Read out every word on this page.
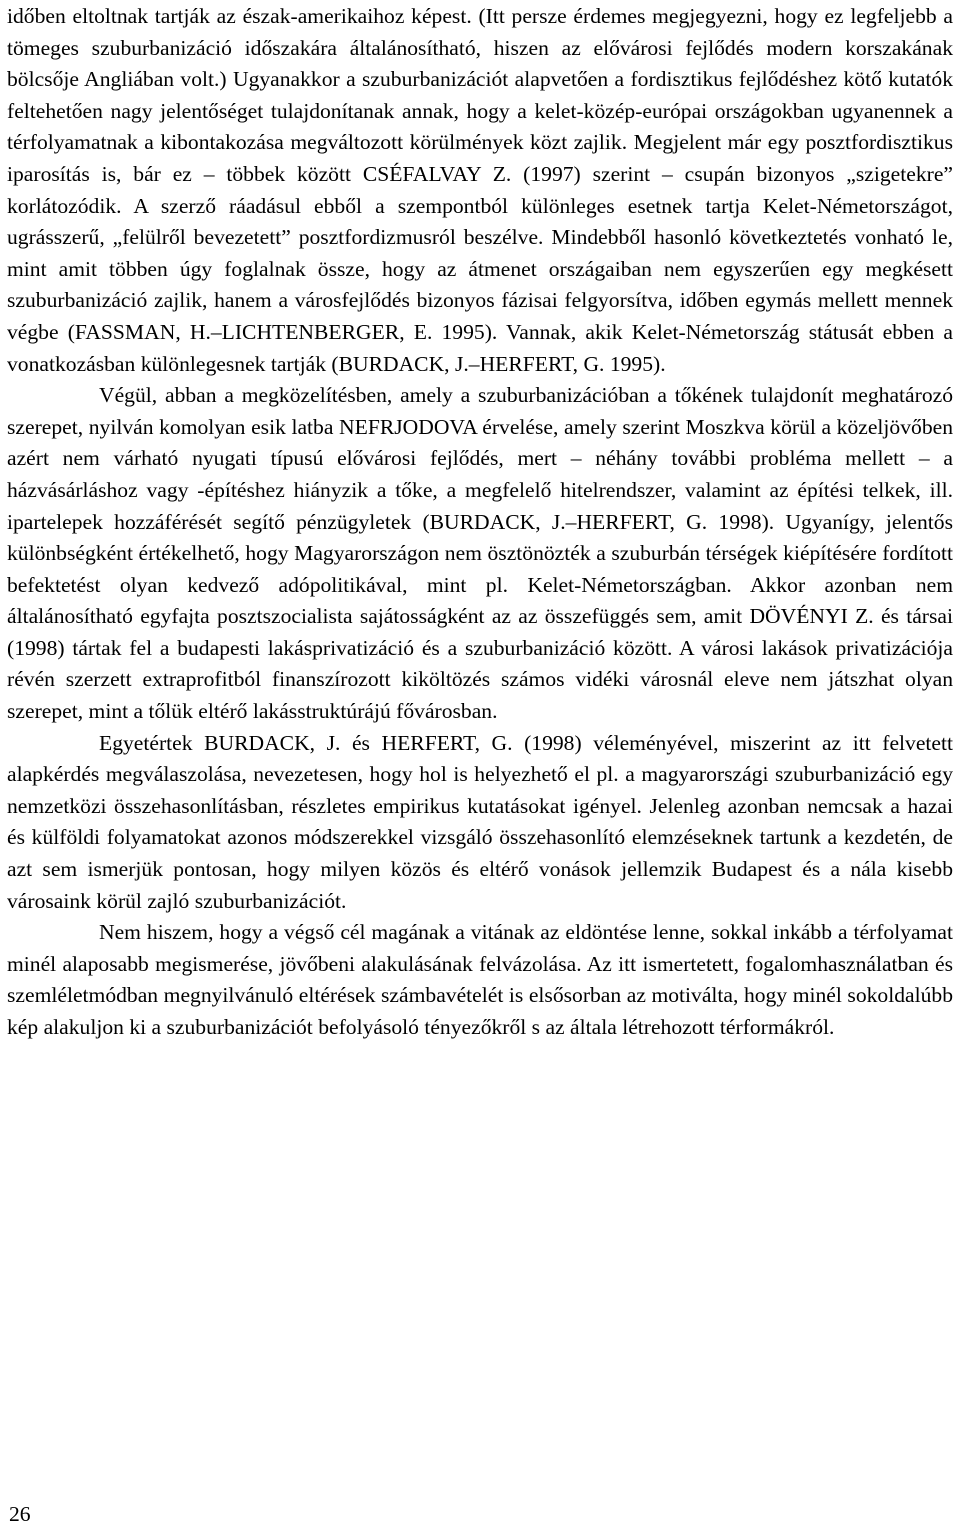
időben eltoltnak tartják az észak-amerikaihoz képest. (Itt persze érdemes megjegyezni, hogy ez legfeljebb a tömeges szuburbanizáció időszakára általánosítható, hiszen az elővárosi fejlődés modern korszakának bölcsője Angliában volt.) Ugyanakkor a szuburbanizációt alapvetően a fordisztikus fejlődéshez kötő kutatók feltehetően nagy jelentőséget tulajdonítanak annak, hogy a kelet-közép-európai országokban ugyanennek a térfolyamatnak a kibontakozása megváltozott körülmények közt zajlik. Megjelent már egy posztfordisztikus iparosítás is, bár ez – többek között CSÉFALVAY Z. (1997) szerint – csupán bizonyos „szigetekre” korlátozódik. A szerző ráadásul ebből a szempontból különleges esetnek tartja Kelet-Németországot, ugrásszerű, „felülről bevezetett” posztfordizmusról beszélve. Mindebből hasonló következtetés vonható le, mint amit többen úgy foglalnak össze, hogy az átmenet országaiban nem egyszerűen egy megkésett szuburbanizáció zajlik, hanem a városfejlődés bizonyos fázisai felgyorsítva, időben egymás mellett mennek végbe (FASSMAN, H.–LICHTENBERGER, E. 1995). Vannak, akik Kelet-Németország státusát ebben a vonatkozásban különlegesnek tartják (BURDACK, J.–HERFERT, G. 1995).

Végül, abban a megközelítésben, amely a szuburbanizációban a tőkének tulajdonít meghatározó szerepet, nyilván komolyan esik latba NEFRJODOVA érvelése, amely szerint Moszkva körül a közeljövőben azért nem várható nyugati típusú elővárosi fejlődés, mert – néhány további probléma mellett – a házvásárláshoz vagy -építéshez hiányzik a tőke, a megfelelő hitelrendszer, valamint az építési telkek, ill. ipartelepek hozzáférését segítő pénzügyletek (BURDACK, J.–HERFERT, G. 1998). Ugyanígy, jelentős különbségként értékelhető, hogy Magyarországon nem ösztönözték a szuburbán térségek kiépítésére fordított befektetést olyan kedvező adópolitikával, mint pl. Kelet-Németországban. Akkor azonban nem általánosítható egyfajta posztszocialista sajátosságként az az összefüggés sem, amit DÖVÉNYI Z. és társai (1998) tártak fel a budapesti lakásprivatizáció és a szuburbanizáció között. A városi lakások privatizációja révén szerzett extraprofitból finanszírozott kiköltözés számos vidéki városnál eleve nem játszhat olyan szerepet, mint a tőlük eltérő lakásstruktúrájú fővárosban.

Egyetértek BURDACK, J. és HERFERT, G. (1998) véleményével, miszerint az itt felvetett alapkérdés megválaszolása, nevezetesen, hogy hol is helyezhető el pl. a magyarországi szuburbanizáció egy nemzetközi összehasonlításban, részletes empirikus kutatásokat igényel. Jelenleg azonban nemcsak a hazai és külföldi folyamatokat azonos módszerekkel vizsgáló összehasonlító elemzéseknek tartunk a kezdetén, de azt sem ismerjük pontosan, hogy milyen közös és eltérő vonások jellemzik Budapest és a nála kisebb városaink körül zajló szuburbanizációt.

Nem hiszem, hogy a végső cél magának a vitának az eldöntése lenne, sokkal inkább a térfolyamat minél alaposabb megismerése, jövőbeni alakulásának felvázolása. Az itt ismertetett, fogalomhasználatban és szemléletmódban megnyilvánuló eltérések számbavételét is elsősorban az motiválta, hogy minél sokoldalúbb kép alakuljon ki a szuburbanizációt befolyásoló tényezőkről s az általa létrehozott térformákról.

26
